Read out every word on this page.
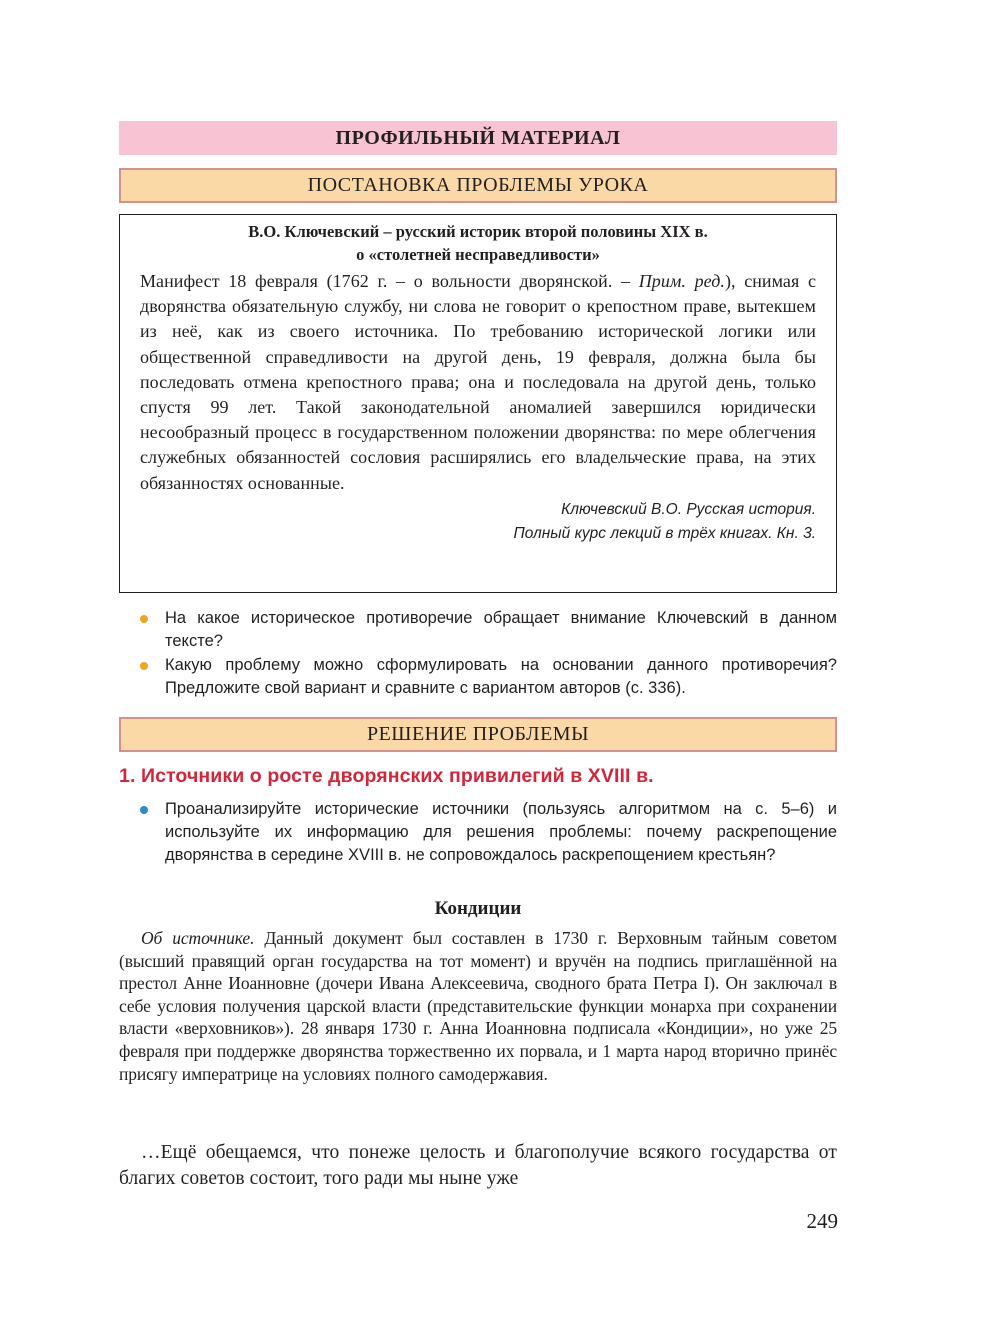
ПРОФИЛЬНЫЙ МАТЕРИАЛ
ПОСТАНОВКА ПРОБЛЕМЫ УРОКА
В.О. Ключевский – русский историк второй половины XIX в.
о «столетней несправедливости»
Манифест 18 февраля (1762 г. – о вольности дворянской. – Прим. ред.), снимая с дворянства обязательную службу, ни слова не говорит о крепостном праве, вытекшем из неё, как из своего источника. По требованию исторической логики или общественной справедливости на другой день, 19 февраля, должна была бы последовать отмена крепостного права; она и последовала на другой день, только спустя 99 лет. Такой законодательной аномалией завершился юридически несообразный процесс в государственном положении дворянства: по мере облегчения служебных обязанностей сословия расширялись его владельческие права, на этих обязанностях основанные.
Ключевский В.О. Русская история.
Полный курс лекций в трёх книгах. Кн. 3.
На какое историческое противоречие обращает внимание Ключевский в данном тексте?
Какую проблему можно сформулировать на основании данного противоречия? Предложите свой вариант и сравните с вариантом авторов (с. 336).
РЕШЕНИЕ ПРОБЛЕМЫ
1. Источники о росте дворянских привилегий в XVIII в.
Проанализируйте исторические источники (пользуясь алгоритмом на с. 5–6) и используйте их информацию для решения проблемы: почему раскрепощение дворянства в середине XVIII в. не сопровождалось раскрепощением крестьян?
Кондиции
Об источнике. Данный документ был составлен в 1730 г. Верховным тайным советом (высший правящий орган государства на тот момент) и вручён на подпись приглашённой на престол Анне Иоанновне (дочери Ивана Алексеевича, сводного брата Петра I). Он заключал в себе условия получения царской власти (представительские функции монарха при сохранении власти «верховников»). 28 января 1730 г. Анна Иоанновна подписала «Кондиции», но уже 25 февраля при поддержке дворянства торжественно их порвала, и 1 марта народ вторично принёс присягу императрице на условиях полного самодержавия.
…Ещё обещаемся, что понеже целость и благополучие всякого государства от благих советов состоит, того ради мы ныне уже
249
